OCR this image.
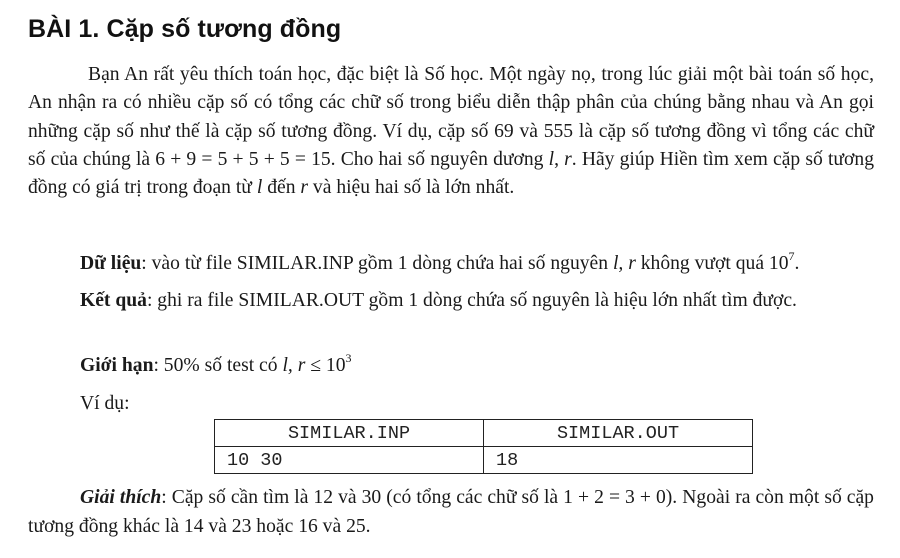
BÀI 1. Cặp số tương đồng

Bạn An rất yêu thích toán học, đặc biệt là Số học. Một ngày nọ, trong lúc giải một bài toán số học, An nhận ra có nhiều cặp số có tổng các chữ số trong biểu diễn thập phân của chúng bằng nhau và An gọi những cặp số như thế là cặp số tương đồng. Ví dụ, cặp số 69 và 555 là cặp số tương đồng vì tổng các chữ số của chúng là 6 + 9 = 5 + 5 + 5 = 15. Cho hai số nguyên dương l, r. Hãy giúp Hiền tìm xem cặp số tương đồng có giá trị trong đoạn từ l đến r và hiệu hai số là lớn nhất.

Dữ liệu: vào từ file SIMILAR.INP gồm 1 dòng chứa hai số nguyên l, r không vượt quá $10^7$.

Kết quả: ghi ra file SIMILAR.OUT gồm 1 dòng chứa số nguyên là hiệu lớn nhất tìm được.

Giới hạn: 50% số test có l, $r \le 10^3$

Ví dụ:

SIMILAR.INP	SIMILAR.OUT
10 30	18

Giải thích: Cặp số cần tìm là 12 và 30 (có tổng các chữ số là 1 + 2 = 3 + 0). Ngoài ra còn một số cặp tương đồng khác là 14 và 23 hoặc 16 và 25.
